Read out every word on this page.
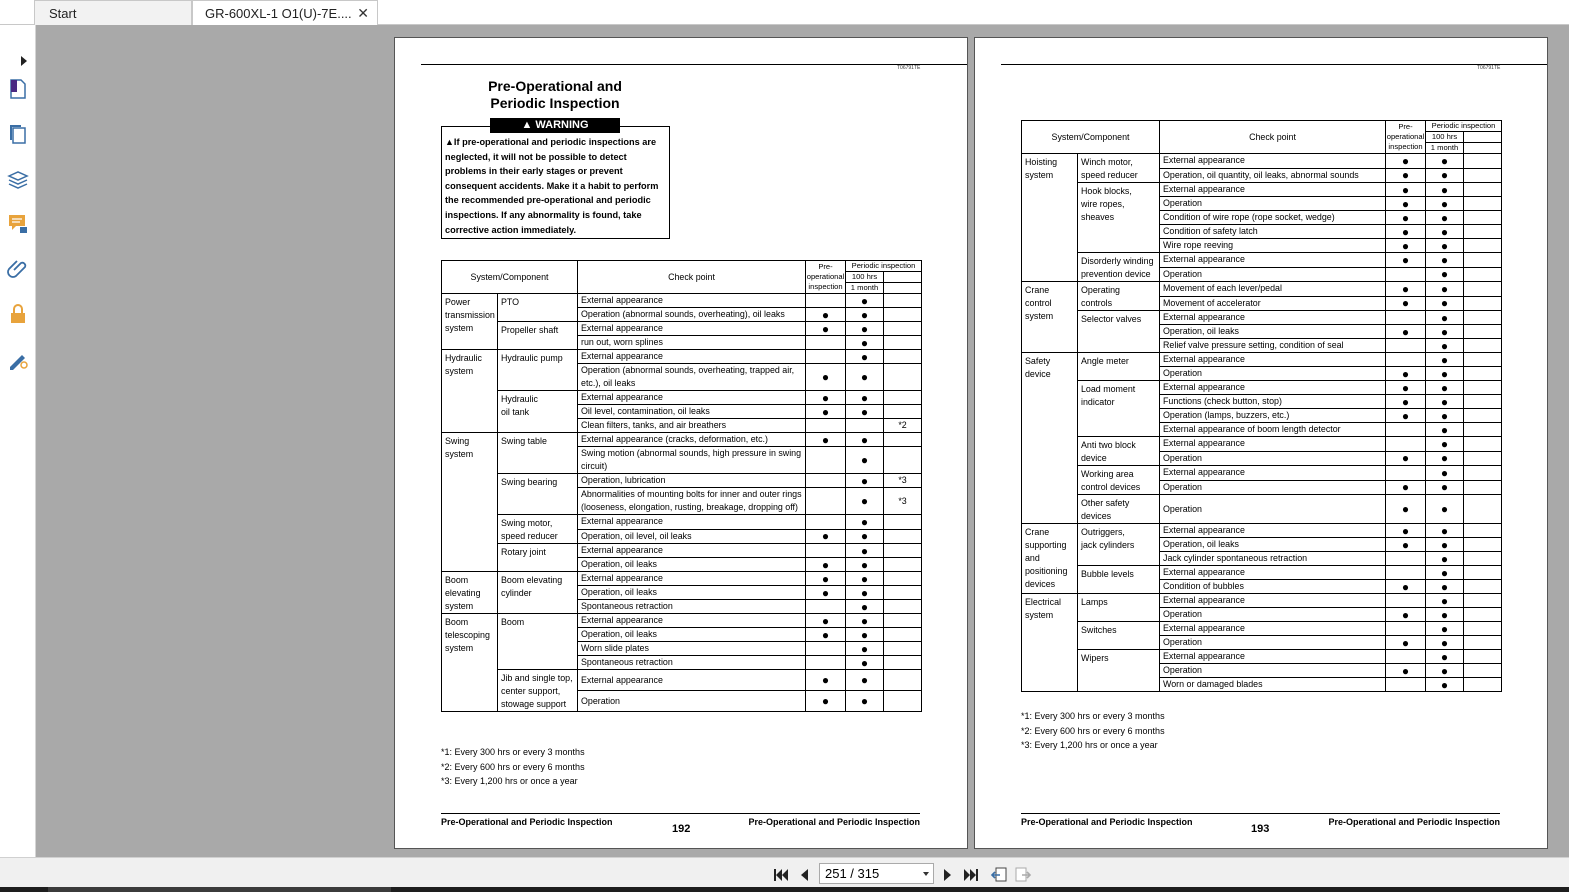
Start	GR-600XL-1 O1(U)-7E.... ✕
T06791TE
Pre-Operational and
Periodic Inspection
▲ WARNING
▲If pre-operational and periodic inspections are neglected, it will not be possible to detect problems in their early stages or prevent consequent accidents. Make it a habit to perform the recommended pre-operational and periodic inspections. If any abnormality is found, take corrective action immediately.
System/Component		Check point	Pre-
operational
inspection	Periodic inspection	
				100 hrs	
				1 month	
Power
transmission
system	PTO	External appearance		●	
		Operation (abnormal sounds, overheating), oil leaks	●	●	
	Propeller shaft	External appearance	●	●	
		run out, worn splines		●	
Hydraulic
system	Hydraulic pump	External appearance		●	
		Operation (abnormal sounds, overheating, trapped air, etc.), oil leaks	●	●	
	Hydraulic
oil tank	External appearance	●	●	
		Oil level, contamination, oil leaks	●	●	
		Clean filters, tanks, and air breathers			*2
Swing
system	Swing table	External appearance (cracks, deformation, etc.)	●	●	
		Swing motion (abnormal sounds, high pressure in swing circuit)		●	
	Swing bearing	Operation, lubrication		●	*3
		Abnormalities of mounting bolts for inner and outer rings (looseness, elongation, rusting, breakage, dropping off)		●	*3
	Swing motor,
speed reducer	External appearance		●	
		Operation, oil level, oil leaks	●	●	
	Rotary joint	External appearance		●	
		Operation, oil leaks	●	●	
Boom
elevating
system	Boom elevating
cylinder	External appearance	●	●	
		Operation, oil leaks	●	●	
		Spontaneous retraction		●	
Boom
telescoping
system	Boom	External appearance	●	●	
		Operation, oil leaks	●	●	
		Worn slide plates		●	
		Spontaneous retraction		●	
	Jib and single top,
center support,
stowage support	External appearance	●	●	
		Operation	●	●	
*1: Every 300 hrs or every 3 months
*2: Every 600 hrs or every 6 months
*3: Every 1,200 hrs or once a year
Pre-Operational and Periodic Inspection
192
Pre-Operational and Periodic Inspection
T06791TE
System/Component		Check point	Pre-
operational
inspection	Periodic inspection	
				100 hrs	
				1 month	
Hoisting
system	Winch motor,
speed reducer	External appearance	●	●	
		Operation, oil quantity, oil leaks, abnormal sounds	●	●	
	Hook blocks,
wire ropes,
sheaves	External appearance	●	●	
		Operation	●	●	
		Condition of wire rope (rope socket, wedge)	●	●	
		Condition of safety latch	●	●	
		Wire rope reeving	●	●	
	Disorderly winding
prevention device	External appearance	●	●	
		Operation		●	
Crane
control
system	Operating
controls	Movement of each lever/pedal	●	●	
		Movement of accelerator	●	●	
	Selector valves	External appearance		●	
		Operation, oil leaks	●	●	
		Relief valve pressure setting, condition of seal		●	
Safety
device	Angle meter	External appearance		●	
		Operation	●	●	
	Load moment
indicator	External appearance	●	●	
		Functions (check button, stop)	●	●	
		Operation (lamps, buzzers, etc.)	●	●	
		External appearance of boom length detector		●	
	Anti two block
device	External appearance		●	
		Operation	●	●	
	Working area
control devices	External appearance		●	
		Operation	●	●	
	Other safety devices	Operation	●	●	
Crane
supporting
and
positioning
devices	Outriggers,
jack cylinders	External appearance	●	●	
		Operation, oil leaks	●	●	
		Jack cylinder spontaneous retraction		●	
	Bubble levels	External appearance		●	
		Condition of bubbles	●	●	
Electrical
system	Lamps	External appearance		●	
		Operation	●	●	
	Switches	External appearance		●	
		Operation	●	●	
	Wipers	External appearance		●	
		Operation	●	●	
		Worn or damaged blades		●	
*1: Every 300 hrs or every 3 months
*2: Every 600 hrs or every 6 months
*3: Every 1,200 hrs or once a year
Pre-Operational and Periodic Inspection
193
Pre-Operational and Periodic Inspection
251 / 315
